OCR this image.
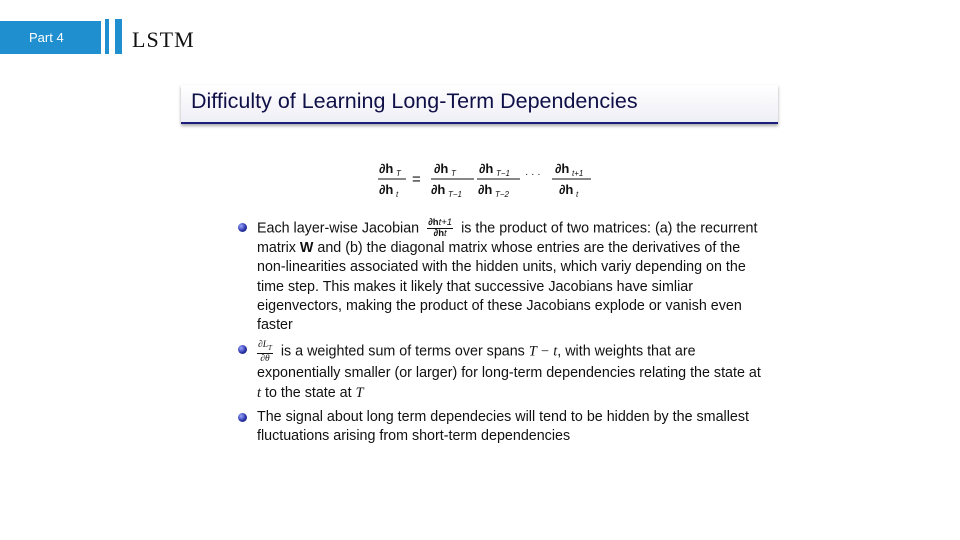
Part 4	LSTM
Difficulty of Learning Long-Term Dependencies
∂h T
∂h t
=
∂h T
∂h T−1
∂h T−1
∂h T−2
· · · ∂h t+1
∂h t
Each layer-wise Jacobian $\frac{\partial ht+1}{\partial ht}$ is the product of two matrices: (a) the recurrent matrix W and (b) the diagonal matrix whose entries are the derivatives of the non-linearities associated with the hidden units, which variy depending on the time step. This makes it likely that successive Jacobians have simliar eigenvectors, making the product of these Jacobians explode or vanish even faster
$\frac{\partial L_T}{\partial\theta}$ is a weighted sum of terms over spans T − t, with weights that are exponentially smaller (or larger) for long-term dependencies relating the state at t to the state at T
The signal about long term dependecies will tend to be hidden by the smallest fluctuations arising from short-term dependencies
